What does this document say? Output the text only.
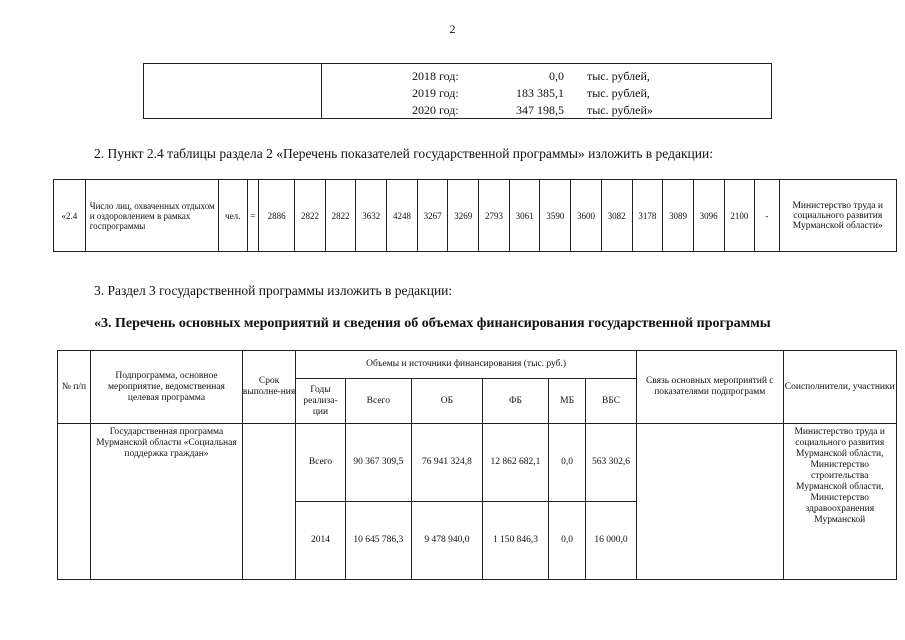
2

2018 год:	0,0 тыс. рублей,
2019 год:	183 385,1 тыс. рублей,
2020 год:	347 198,5 тыс. рублей»
2. Пункт 2.4 таблицы раздела 2 «Перечень показателей государственной программы» изложить в редакции:
«2.4	Число лиц, охваченных отдыхом и оздоровлением в рамках госпрограммы	чел.	=	2886	2822	2822	3632	4248	3267	3269	2793	3061	3590	3600	3082	3178	3089	3096	2100	-	Министерство труда и социального развития Мурманской области»
3. Раздел 3 государственной программы изложить в редакции:
«3. Перечень основных мероприятий и сведения об объемах финансирования государственной программы
№ п/п	Подпрограмма, основное мероприятие, ведомственная целевая программа	Срок выполне-ния	Объемы и источники финансирования (тыс. руб.)						Связь основных мероприятий с показателями подпрограмм	Соисполнители, участники
			Годы реализа-ции	Всего	ОБ	ФБ	МБ	ВБС		
	Государственная программа Мурманской области «Социальная поддержка граждан»		Всего	90 367 309,5	76 941 324,8	12 862 682,1	0,0	563 302,6		Министерство труда и социального развития Мурманской области, Министерство строительства Мурманской области, Министерство здравоохранения Мурманской
			2014	10 645 786,3	9 478 940,0	1 150 846,3	0,0	16 000,0		
